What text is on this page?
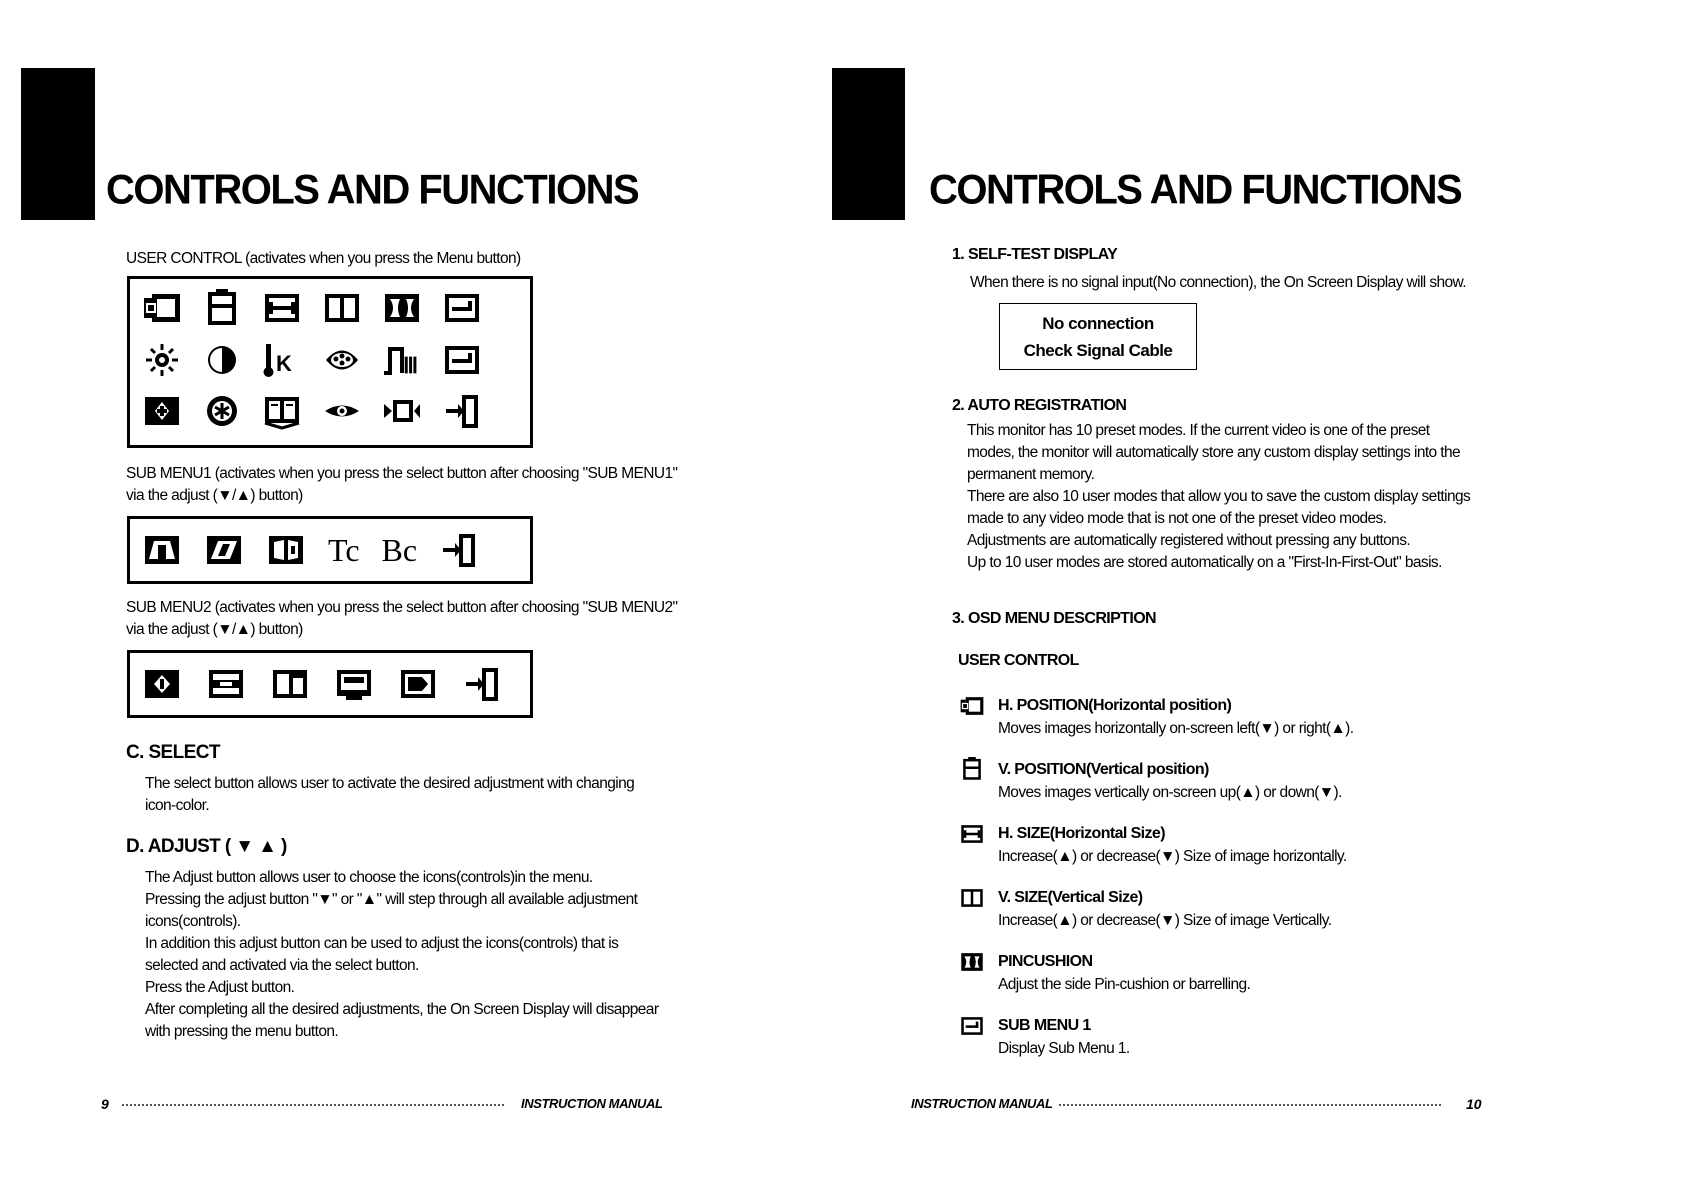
CONTROLS AND FUNCTIONS
USER CONTROL (activates when you press the Menu button)
K	Ⅲ
SUB MENU1 (activates when you press the select button after choosing "SUB MENU1"
via the adjust (▼/▲) button)
Tc Bc
SUB MENU2 (activates when you press the select button after choosing "SUB MENU2"
via the adjust (▼/▲) button)
C. SELECT
The select button allows user to activate the desired adjustment with changing icon-color.
D. ADJUST ( ▼ ▲ )
The Adjust button allows user to choose the icons(controls)in the menu.
Pressing the adjust button "▼" or "▲" will step through all available adjustment
icons(controls).
In addition this adjust button can be used to adjust the icons(controls) that is
selected and activated via the select button.
Press the Adjust button.
After completing all the desired adjustments, the On Screen Display will disappear
with pressing the menu button.
9	INSTRUCTION MANUAL
CONTROLS AND FUNCTIONS
1. SELF-TEST DISPLAY
When there is no signal input(No connection), the On Screen Display will show.
No connection
Check Signal Cable
2. AUTO REGISTRATION
This monitor has 10 preset modes. If the current video is one of the preset
modes, the monitor will automatically store any custom display settings into the
permanent memory.
There are also 10 user modes that allow you to save the custom display settings
made to any video mode that is not one of the preset video modes.
Adjustments are automatically registered without pressing any buttons.
Up to 10 user modes are stored automatically on a "First-In-First-Out" basis.
3. OSD MENU DESCRIPTION
USER CONTROL
H. POSITION(Horizontal position)
Moves images horizontally on-screen left(▼) or right(▲).
V. POSITION(Vertical position)
Moves images vertically on-screen up(▲) or down(▼).
H. SIZE(Horizontal Size)
Increase(▲) or decrease(▼) Size of image horizontally.
V. SIZE(Vertical Size)
Increase(▲) or decrease(▼) Size of image Vertically.
PINCUSHION
Adjust the side Pin-cushion or barrelling.
SUB MENU 1
Display Sub Menu 1.
INSTRUCTION MANUAL	10
